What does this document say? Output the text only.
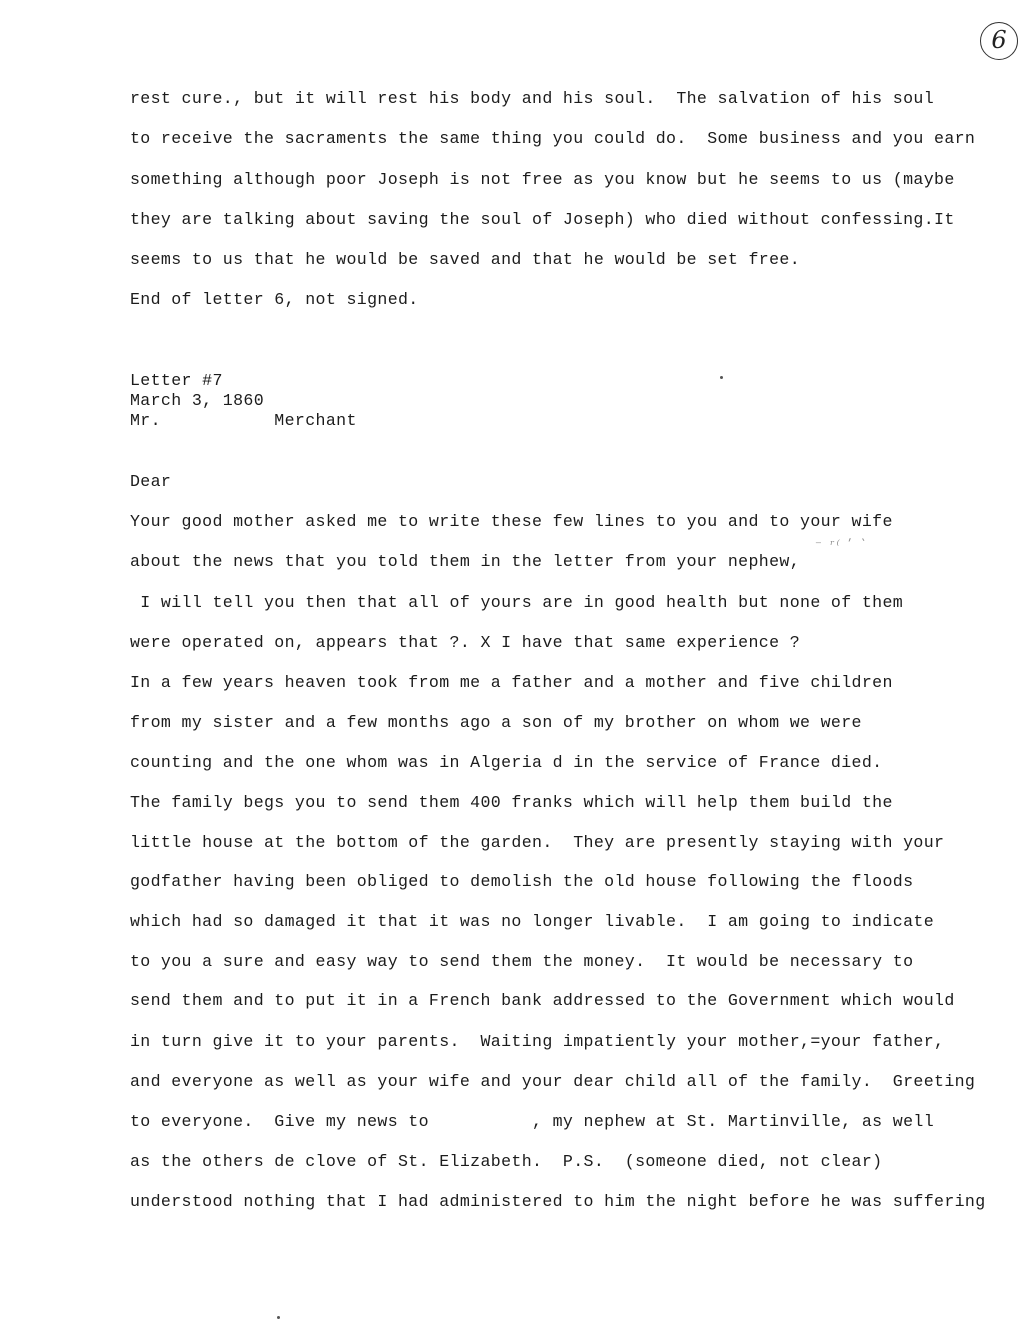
6
rest cure., but it will rest his body and his soul.  The salvation of his soul
to receive the sacraments the same thing you could do.  Some business and you earn
something although poor Joseph is not free as you know but he seems to us (maybe
they are talking about saving the soul of Joseph) who died without confessing.It
seems to us that he would be saved and that he would be set free.
End of letter 6, not signed.
Letter #7
March 3, 1860
Mr.           Merchant
Dear
Your good mother asked me to write these few lines to you and to your wife
about the news that you told them in the letter from your nephew,
I will tell you then that all of yours are in good health but none of them
were operated on, appears that ?. X I have that same experience ?
In a few years heaven took from me a father and a mother and five children
from my sister and a few months ago a son of my brother on whom we were
counting and the one whom was in Algeria d in the service of France died.
The family begs you to send them 400 franks which will help them build the
little house at the bottom of the garden.  They are presently staying with your
godfather having been obliged to demolish the old house following the floods
which had so damaged it that it was no longer livable.  I am going to indicate
to you a sure and easy way to send them the money.  It would be necessary to
send them and to put it in a French bank addressed to the Government which would
in turn give it to your parents.  Waiting impatiently your mother,=your father,
and everyone as well as your wife and your dear child all of the family.  Greeting
to everyone.  Give my news to          , my nephew at St. Martinville, as well
as the others de clove of St. Elizabeth.  P.S.  (someone died, not clear)
understood nothing that I had administered to him the night before he was suffering
⁻ ʳ⁽ ʹ ˋ
